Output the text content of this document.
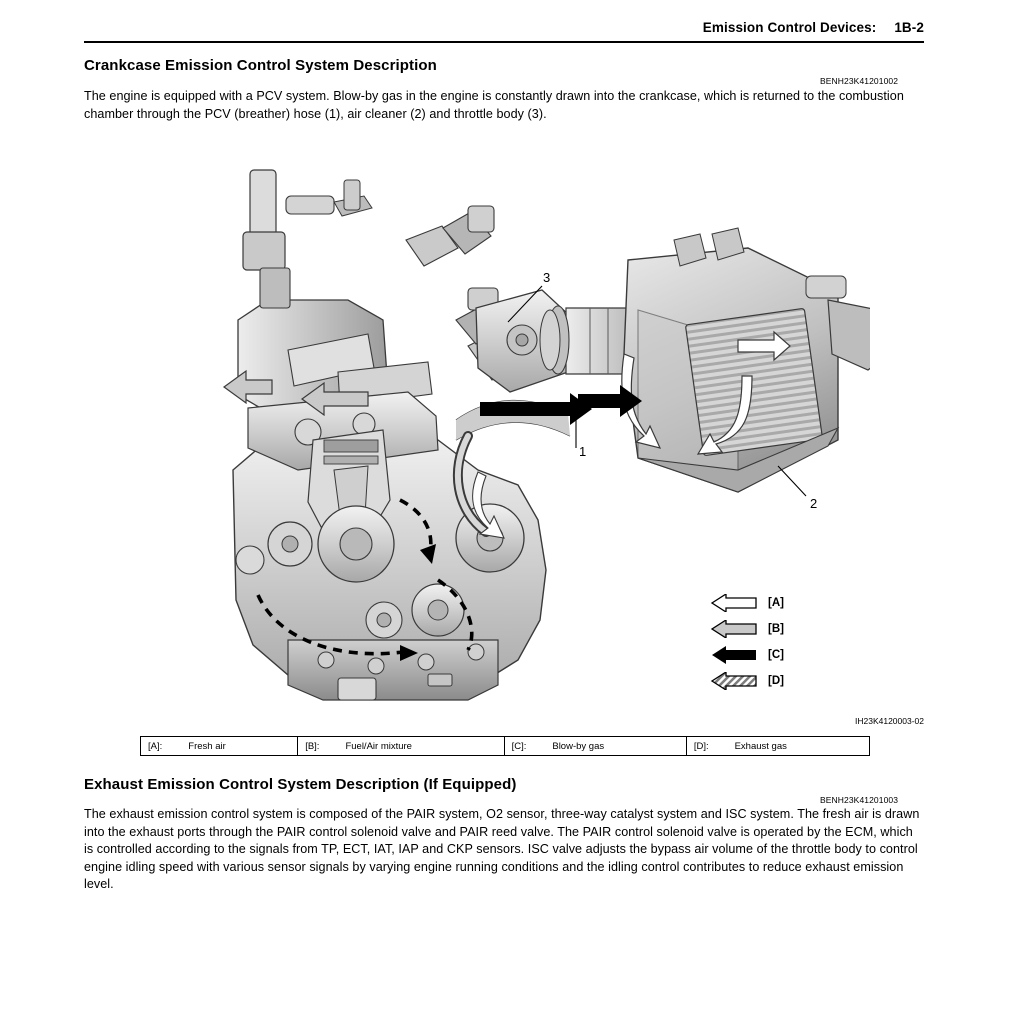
Emission Control Devices: 1B-2
Crankcase Emission Control System Description
BENH23K41201002
The engine is equipped with a PCV system. Blow-by gas in the engine is constantly drawn into the crankcase, which is returned to the combustion chamber through the PCV (breather) hose (1), air cleaner (2) and throttle body (3).
3
1
2
[A]
[B]
[C]
[D]
IH23K4120003-02
[A]:	Fresh air	[B]:	Fuel/Air mixture	[C]:	Blow-by gas	[D]:	Exhaust gas
Exhaust Emission Control System Description (If Equipped)
BENH23K41201003
The exhaust emission control system is composed of the PAIR system, O2 sensor, three-way catalyst system and ISC system. The fresh air is drawn into the exhaust ports through the PAIR control solenoid valve and PAIR reed valve. The PAIR control solenoid valve is operated by the ECM, which is controlled according to the signals from TP, ECT, IAT, IAP and CKP sensors. ISC valve adjusts the bypass air volume of the throttle body to control engine idling speed with various sensor signals by varying engine running conditions and the idling control contributes to reduce exhaust emission level.
